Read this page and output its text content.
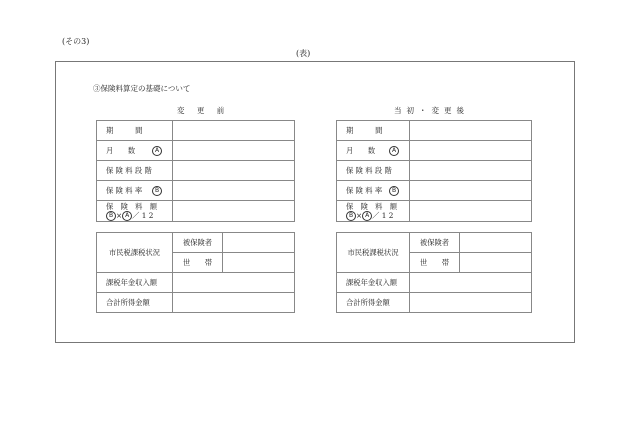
(その3)
(表)
③保険料算定の基礎について
変 更 前	当初・変更後
期　　　間	

月　　数 A	

保 険 料 段 階	

保 険 料 率 B	

保　険　料　額
B × A ／ 1 2	

市民税課税状況	被保険者	
	世　　帯	
課税年金収入額		
合計所得金額		
期　　　間	

月　　数 A	

保 険 料 段 階	

保 険 料 率 B	

保　険　料　額
B × A ／ 1 2	

市民税課税状況	被保険者	
	世　　帯	
課税年金収入額		
合計所得金額		
